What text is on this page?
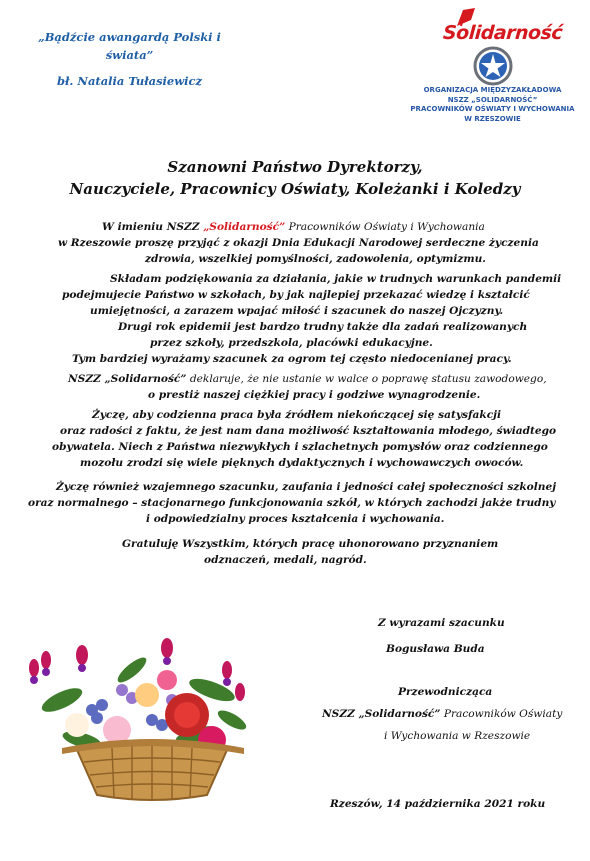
„Bądźcie awangardą Polski i świata”
bł. Natalia Tułasiewicz
Solidarność
ORGANIZACJA MIĘDZYZAKŁADOWA
NSZZ „SOLIDARNOŚĆ”
PRACOWNIKÓW OŚWIATY I WYCHOWANIA
W RZESZOWIE
Szanowni Państwo Dyrektorzy,
Nauczyciele, Pracownicy Oświaty, Koleżanki i Koledzy
W imieniu NSZZ „Solidarność” Pracowników Oświaty i Wychowania
w Rzeszowie proszę przyjąć z okazji Dnia Edukacji Narodowej serdeczne życzenia
zdrowia, wszelkiej pomyślności, zadowolenia, optymizmu.
Składam podziękowania za działania, jakie w trudnych warunkach pandemii
podejmujecie Państwo w szkołach, by jak najlepiej przekazać wiedzę i kształcić
umiejętności, a zarazem wpajać miłość i szacunek do naszej Ojczyzny.
Drugi rok epidemii jest bardzo trudny także dla zadań realizowanych
przez szkoły, przedszkola, placówki edukacyjne.
Tym bardziej wyrażamy szacunek za ogrom tej często niedocenianej pracy.
NSZZ „Solidarność” deklaruje, że nie ustanie w walce o poprawę statusu zawodowego,
o prestiż naszej ciężkiej pracy i godziwe wynagrodzenie.
Życzę, aby codzienna praca była źródłem niekończącej się satysfakcji
oraz radości z faktu, że jest nam dana możliwość kształtowania młodego, świadtego
obywatela. Niech z Państwa niezwykłych i szlachetnych pomysłów oraz codziennego
mozołu zrodzi się wiele pięknych dydaktycznych i wychowawczych owoców.
Życzę również wzajemnego szacunku, zaufania i jedności całej społeczności szkolnej
oraz normalnego – stacjonarnego funkcjonowania szkół, w których zachodzi jakże trudny
i odpowiedzialny proces kształcenia i wychowania.
Gratuluję Wszystkim, których pracę uhonorowano przyznaniem
odznaczeń, medali, nagród.
Z wyrazami szacunku
Bogusława Buda
Przewodnicząca
NSZZ „Solidarność” Pracowników Oświaty
i Wychowania w Rzeszowie
Rzeszów, 14 października 2021 roku
